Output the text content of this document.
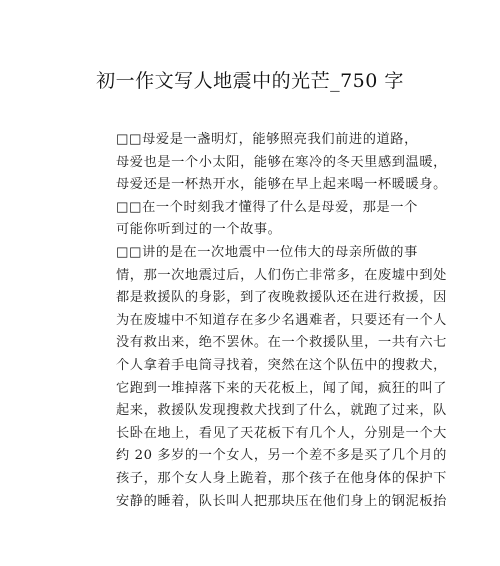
初一作文写人地震中的光芒_750 字
□□母爱是一盏明灯，能够照亮我们前进的道路，
母爱也是一个小太阳，能够在寒冷的冬天里感到温暖，
母爱还是一杯热开水，能够在早上起来喝一杯暖暖身。
□□在一个时刻我才懂得了什么是母爱，那是一个
可能你听到过的一个故事。
□□讲的是在一次地震中一位伟大的母亲所做的事
情，那一次地震过后，人们伤亡非常多，在废墟中到处
都是救援队的身影，到了夜晚救援队还在进行救援，因
为在废墟中不知道存在多少名遇难者，只要还有一个人
没有救出来，绝不罢休。在一个救援队里，一共有六七
个人拿着手电筒寻找着，突然在这个队伍中的搜救犬，
它跑到一堆掉落下来的天花板上，闻了闻，疯狂的叫了
起来，救援队发现搜救犬找到了什么，就跑了过来，队
长卧在地上，看见了天花板下有几个人，分别是一个大
约 20 多岁的一个女人，另一个差不多是买了几个月的
孩子，那个女人身上跪着，那个孩子在他身体的保护下
安静的睡着，队长叫人把那块压在他们身上的钢泥板抬
